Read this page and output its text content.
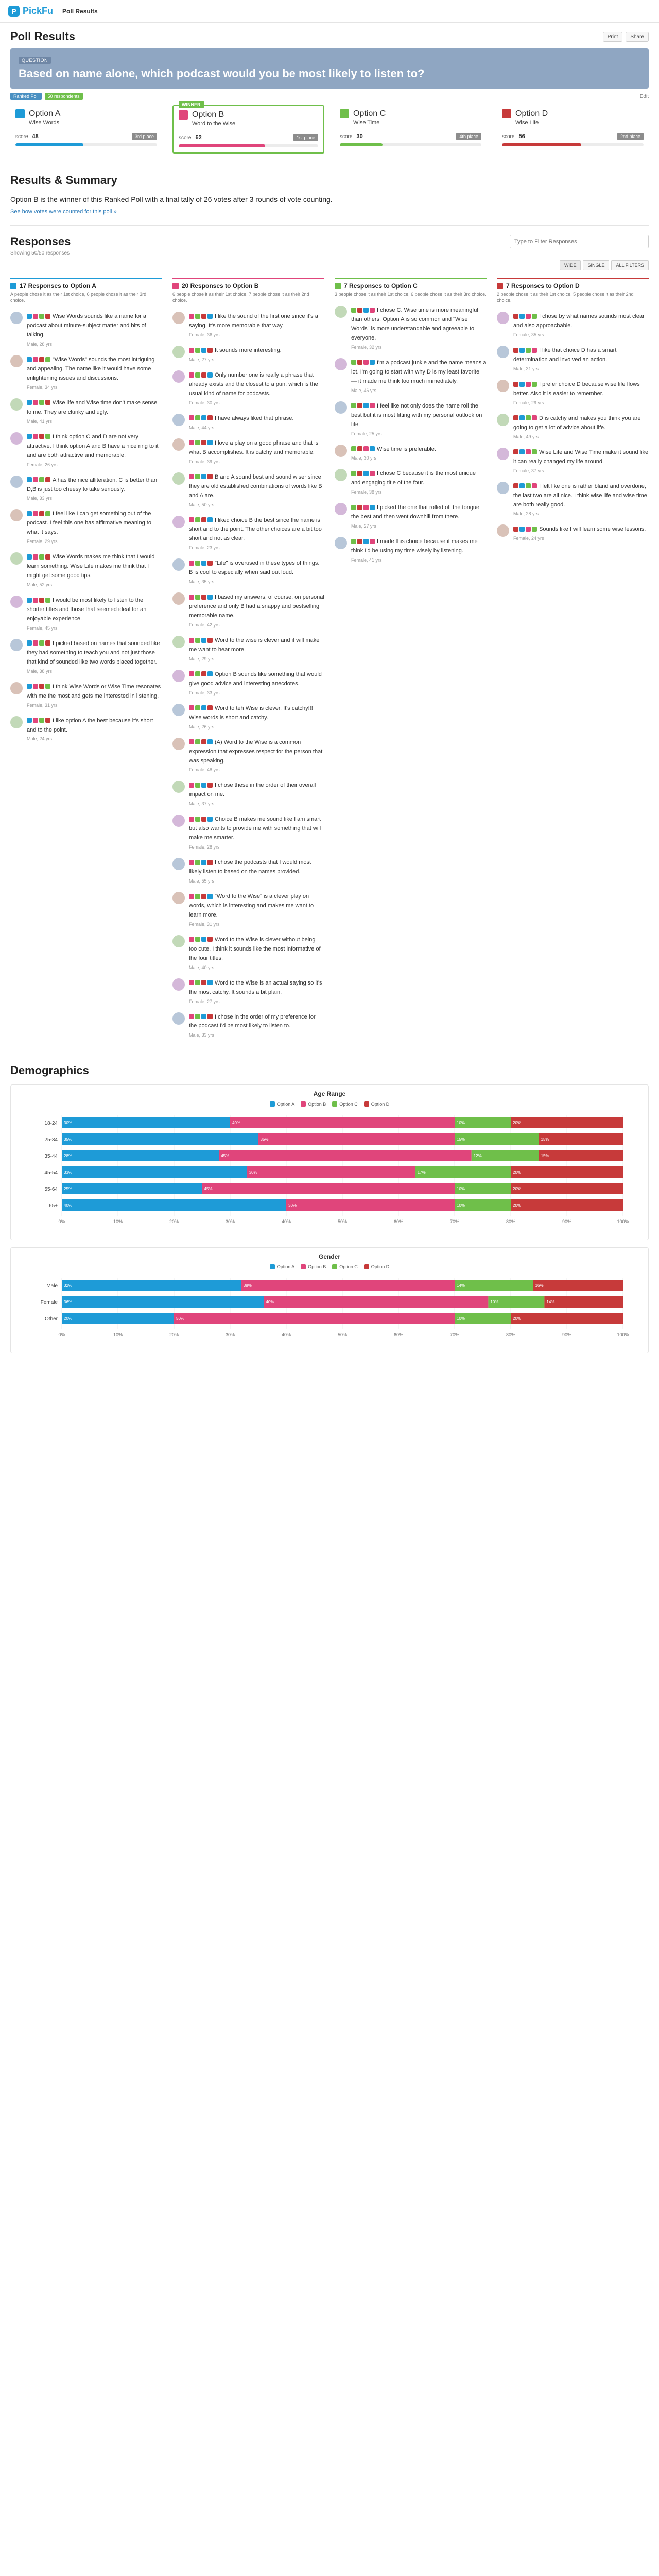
P PickFu Poll Results
Poll Results	Print	Share
QUESTION
Based on name alone, which podcast would you be most likely to listen to?
Ranked Poll	50 respondents	Edit
Option A
Wise Words
score 48	3rd place
WINNER
Option B
Word to the Wise
score 62	1st place
Option C
Wise Time
score 30	4th place
Option D
Wise Life
score 56	2nd place
Results & Summary

Option B is the winner of this Ranked Poll with a final tally of 26 votes after 3 rounds of vote counting.

See how votes were counted for this poll »
Responses
Showing 50/50 responses
Type to Filter Responses
WIDE	SINGLE	ALL FILTERS
17 Responses to Option A
A people chose it as their 1st choice, 6 people chose it as their 3rd choice.
Wise Words sounds like a name for a podcast about minute-subject matter and bits of talking.
Male, 28 yrs
"Wise Words" sounds the most intriguing and appealing. The name like it would have some enlightening issues and discussions.
Female, 34 yrs
Wise life and Wise time don't make sense to me. They are clunky and ugly.
Male, 41 yrs
I think option C and D are not very attractive. I think option A and B have a nice ring to it and are both attractive and memorable.
Female, 26 yrs
A has the nice alliteration. C is better than D,B is just too cheesy to take seriously.
Male, 33 yrs
I feel like I can get something out of the podcast. I feel this one has affirmative meaning to what it says.
Female, 29 yrs
Wise Words makes me think that I would learn something. Wise Life makes me think that I might get some good tips.
Male, 52 yrs
I would be most likely to listen to the shorter titles and those that seemed ideal for an enjoyable experience.
Female, 45 yrs
I picked based on names that sounded like they had something to teach you and not just those that kind of sounded like two words placed together.
Male, 38 yrs
I think Wise Words or Wise Time resonates with me the most and gets me interested in listening.
Female, 31 yrs
I like option A the best because it's short and to the point.
Male, 24 yrs
20 Responses to Option B
6 people chose it as their 1st choice, 7 people chose it as their 2nd choice.
I like the sound of the first one since it's a saying. It's more memorable that way.
Female, 36 yrs
It sounds more interesting.
Male, 27 yrs
Only number one is really a phrase that already exists and the closest to a pun, which is the usual kind of name for podcasts.
Female, 30 yrs
I have always liked that phrase.
Male, 44 yrs
I love a play on a good phrase and that is what B accomplishes. It is catchy and memorable.
Female, 39 yrs
B and A sound best and sound wiser since they are old established combinations of words like B and A are.
Male, 50 yrs
I liked choice B the best since the name is short and to the point. The other choices are a bit too short and not as clear.
Female, 23 yrs
"Life" is overused in these types of things. B is cool to especially when said out loud.
Male, 35 yrs
I based my answers, of course, on personal preference and only B had a snappy and bestselling memorable name.
Female, 42 yrs
Word to the wise is clever and it will make me want to hear more.
Male, 29 yrs
Option B sounds like something that would give good advice and interesting anecdotes.
Female, 33 yrs
Word to teh Wise is clever. It's catchy!!! Wise words is short and catchy.
Male, 26 yrs
(A) Word to the Wise is a common expression that expresses respect for the person that was speaking.
Female, 48 yrs
I chose these in the order of their overall impact on me.
Male, 37 yrs
Choice B makes me sound like I am smart but also wants to provide me with something that will make me smarter.
Female, 28 yrs
I chose the podcasts that I would most likely listen to based on the names provided.
Male, 55 yrs
"Word to the Wise" is a clever play on words, which is interesting and makes me want to learn more.
Female, 31 yrs
Word to the Wise is clever without being too cute. I think it sounds like the most informative of the four titles.
Male, 40 yrs
Word to the Wise is an actual saying so it's the most catchy. It sounds a bit plain.
Female, 27 yrs
I chose in the order of my preference for the podcast I'd be most likely to listen to.
Male, 33 yrs
7 Responses to Option C
3 people chose it as their 1st choice, 6 people chose it as their 3rd choice.
I chose C. Wise time is more meaningful than others. Option A is so common and "Wise Words" is more understandable and agreeable to everyone.
Female, 32 yrs
I'm a podcast junkie and the name means a lot. I'm going to start with why D is my least favorite — it made me think too much immediately.
Male, 46 yrs
I feel like not only does the name roll the best but it is most fitting with my personal outlook on life.
Female, 25 yrs
Wise time is preferable.
Male, 30 yrs
I chose C because it is the most unique and engaging title of the four.
Female, 38 yrs
I picked the one that rolled off the tongue the best and then went downhill from there.
Male, 27 yrs
I made this choice because it makes me think I'd be using my time wisely by listening.
Female, 41 yrs
7 Responses to Option D
2 people chose it as their 1st choice, 5 people chose it as their 2nd choice.
I chose by what names sounds most clear and also approachable.
Female, 35 yrs
I like that choice D has a smart determination and involved an action.
Male, 31 yrs
I prefer choice D because wise life flows better. Also it is easier to remember.
Female, 29 yrs
D is catchy and makes you think you are going to get a lot of advice about life.
Male, 49 yrs
Wise Life and Wise Time make it sound like it can really changed my life around.
Female, 37 yrs
I felt like one is rather bland and overdone, the last two are all nice. I think wise life and wise time are both really good.
Male, 28 yrs
Sounds like I will learn some wise lessons.
Female, 24 yrs
Demographics
Age Range
Option A	Option B	Option C	Option D
0%	10%	20%	30%	40%	50%	60%	70%	80%	90%	100%
18-24 30%	40%	10%	20%
25-34 35%	35%	15%	15%
35-44 28%	45%	12%	15%
45-54 33%	30%	17%	20%
55-64 25%	45%	10%	20%
65+ 40%	30%	10%	20%
Gender
Option A	Option B	Option C	Option D
0%	10%	20%	30%	40%	50%	60%	70%	80%	90%	100%
Male 32%	38%	14%	16%
Female 36%	40%	10%	14%
Other 20%	50%	10%	20%
